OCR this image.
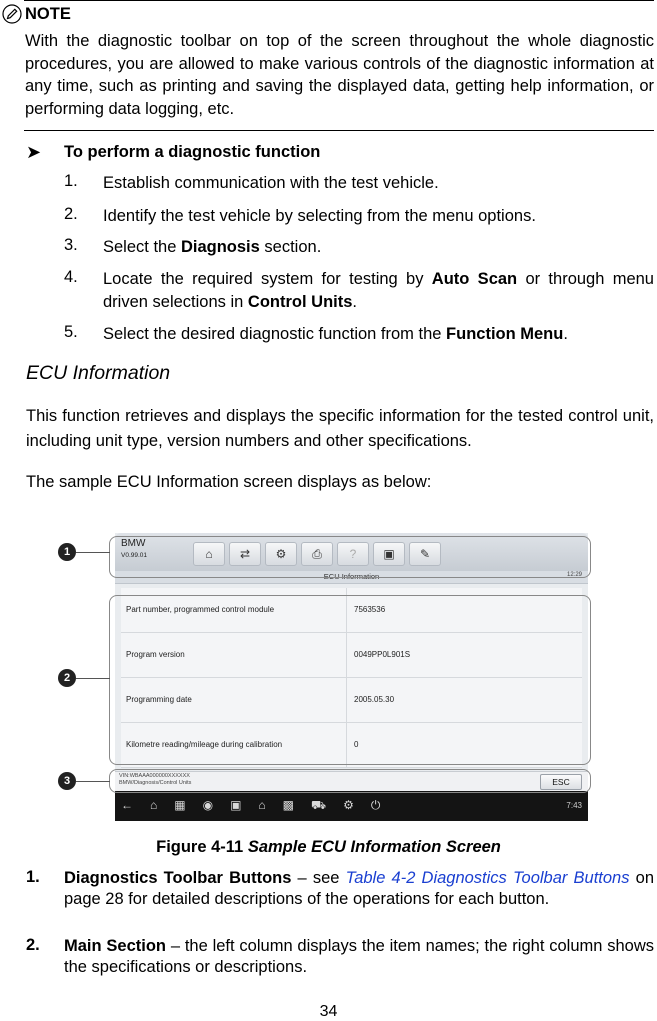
NOTE
With the diagnostic toolbar on top of the screen throughout the whole diagnostic procedures, you are allowed to make various controls of the diagnostic information at any time, such as printing and saving the displayed data, getting help information, or performing data logging, etc.
➤ To perform a diagnostic function
1. Establish communication with the test vehicle.
2. Identify the test vehicle by selecting from the menu options.
3. Select the Diagnosis section.
4. Locate the required system for testing by Auto Scan or through menu driven selections in Control Units.
5. Select the desired diagnostic function from the Function Menu.
ECU Information
This function retrieves and displays the specific information for the tested control unit, including unit type, version numbers and other specifications.
The sample ECU Information screen displays as below:
BMW
V0.99.01	⌂	⇄	⚙	⎙	?	▣	✎
ECU Information	12:29
Part number, programmed control module	7563536
Program version	0049PP0L901S
Programming date	2005.05.30
Kilometre reading/mileage during calibration	0
VIN:WBAAA000000XXXXXX
BMW/Diagnosis/Control Units	ESC
← ⌂ ▦ ◉ ▣ ⌂ ▩ ⛟ ⚙ ⏻	7:43
1
2
3
Figure 4-11 Sample ECU Information Screen
1. Diagnostics Toolbar Buttons – see Table 4-2 Diagnostics Toolbar Buttons on page 28 for detailed descriptions of the operations for each button.
2. Main Section – the left column displays the item names; the right column shows the specifications or descriptions.
34
